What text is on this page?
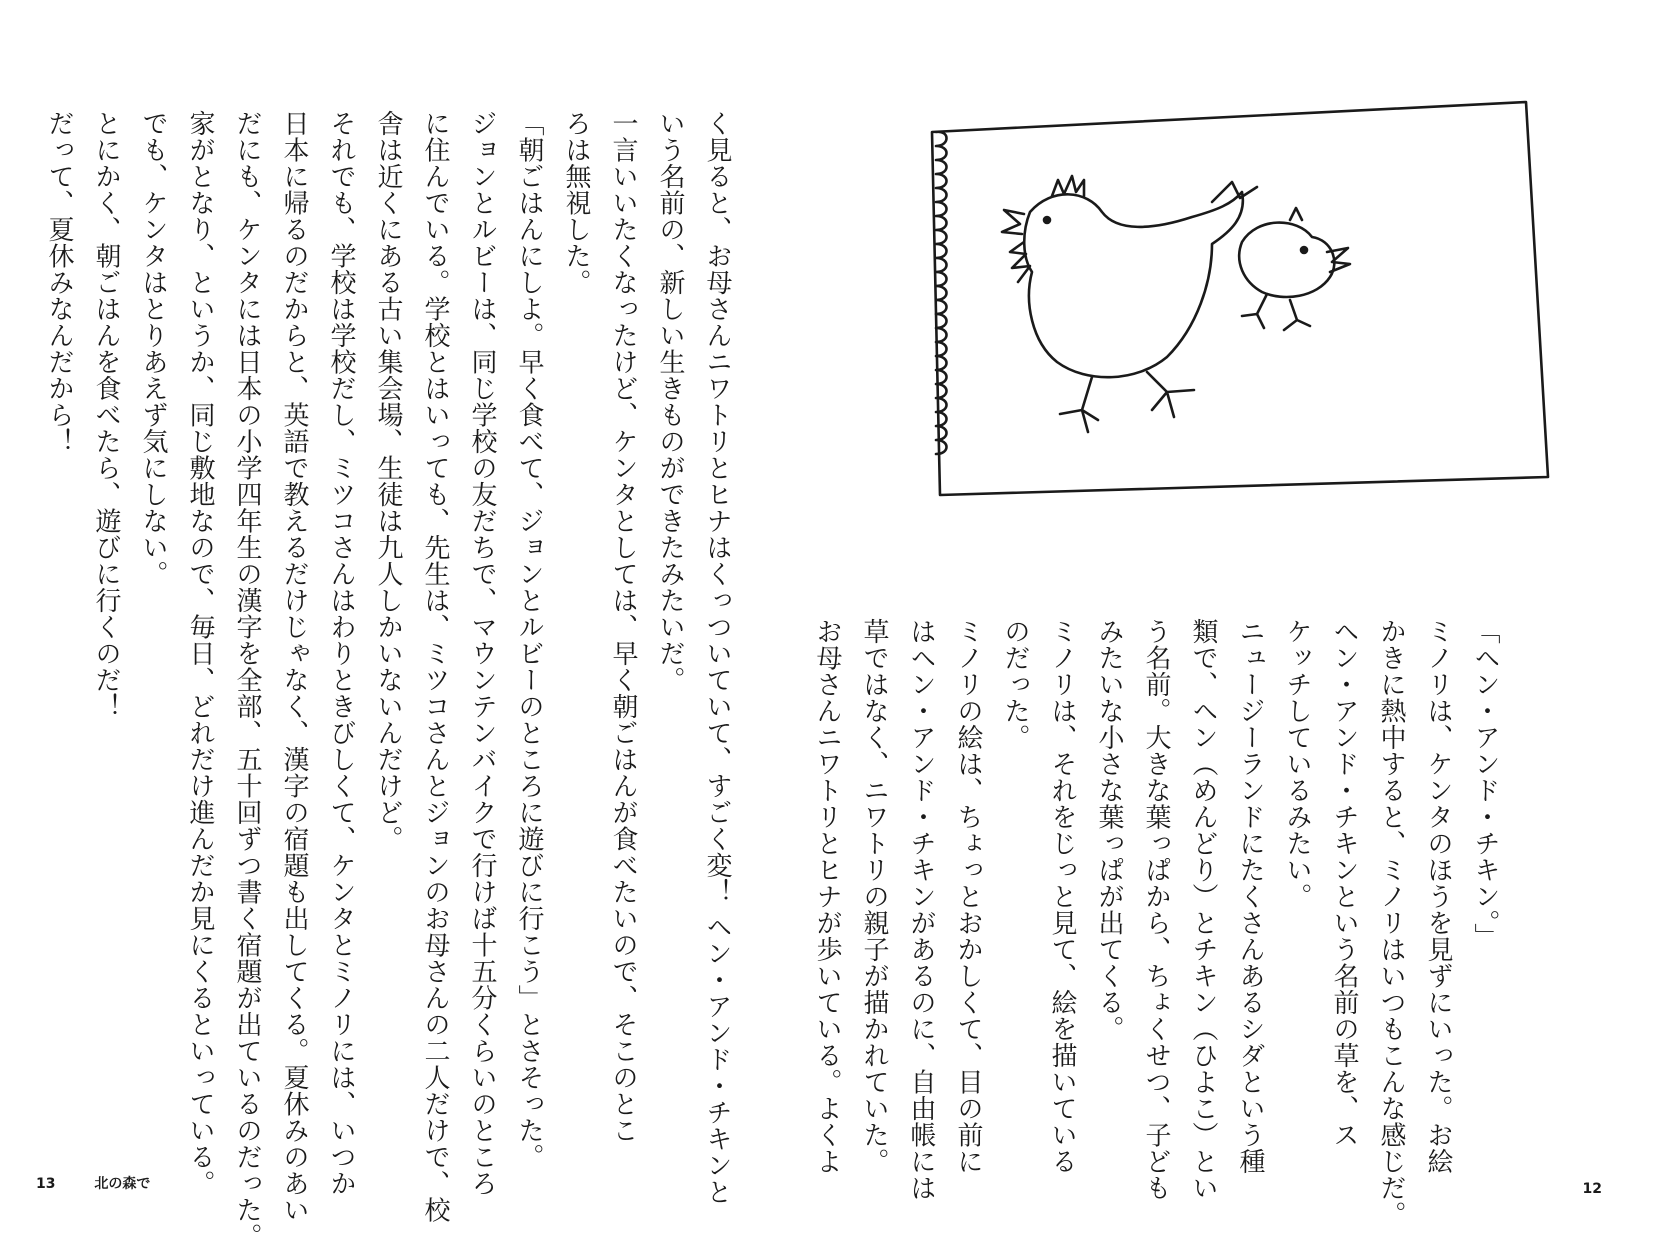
く見ると、お母さんニワトリとヒナはくっついていて、すごく変！ ヘン・アンド・チキンと

いう名前の、新しい生きものができたみたいだ。

一言いいたくなったけど、ケンタとしては、早く朝ごはんが食べたいので、そこのとこ

ろは無視した。

「朝ごはんにしよ。早く食べて、ジョンとルビーのところに遊びに行こう」とさそった。

ジョンとルビーは、同じ学校の友だちで、マウンテンバイクで行けば十五分くらいのところ

に住んでいる。学校とはいっても、先生は、ミツコさんとジョンのお母さんの二人だけで、校

舎は近くにある古い集会場、生徒は九人しかいないんだけど。

それでも、学校は学校だし、ミツコさんはわりときびしくて、ケンタとミノリには、いつか

日本に帰るのだからと、英語で教えるだけじゃなく、漢字の宿題も出してくる。夏休みのあい

だにも、ケンタには日本の小学四年生の漢字を全部、五十回ずつ書く宿題が出ているのだった。

家がとなり、というか、同じ敷地なので、毎日、どれだけ進んだか見にくるといっている。

でも、ケンタはとりあえず気にしない。

とにかく、朝ごはんを食べたら、遊びに行くのだ！

だって、夏休みなんだから！

「ヘン・アンド・チキン。」

ミノリは、ケンタのほうを見ずにいった。お絵

かきに熱中すると、ミノリはいつもこんな感じだ。

ヘン・アンド・チキンという名前の草を、ス

ケッチしているみたい。

ニュージーランドにたくさんあるシダという種

類で、ヘン（めんどり）とチキン（ひよこ）とい

う名前。大きな葉っぱから、ちょくせつ、子ども

みたいな小さな葉っぱが出てくる。

ミノリは、それをじっと見て、絵を描いている

のだった。

ミノリの絵は、ちょっとおかしくて、目の前に

はヘン・アンド・チキンがあるのに、自由帳には

草ではなく、ニワトリの親子が描かれていた。

お母さんニワトリとヒナが歩いている。よくよ

13	北の森で	12
